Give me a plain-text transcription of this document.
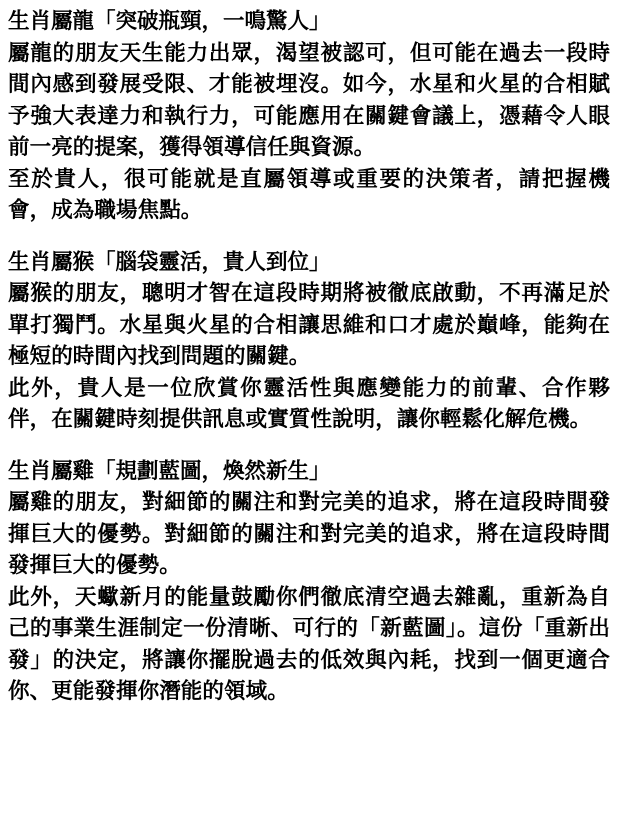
生肖屬龍「突破瓶頸，一鳴驚人」
屬龍的朋友天生能力出眾，渴望被認可，但可能在過去一段時間內感到發展受限、才能被埋沒。如今，水星和火星的合相賦予強大表達力和執行力，可能應用在關鍵會議上，憑藉令人眼前一亮的提案，獲得領導信任與資源。
至於貴人，很可能就是直屬領導或重要的決策者，請把握機會，成為職場焦點。
生肖屬猴「腦袋靈活，貴人到位」
屬猴的朋友，聰明才智在這段時期將被徹底啟動，不再滿足於單打獨鬥。水星與火星的合相讓思維和口才處於巔峰，能夠在極短的時間內找到問題的關鍵。
此外，貴人是一位欣賞你靈活性與應變能力的前輩、合作夥伴，在關鍵時刻提供訊息或實質性說明，讓你輕鬆化解危機。
生肖屬雞「規劃藍圖，煥然新生」
屬雞的朋友，對細節的關注和對完美的追求，將在這段時間發揮巨大的優勢。對細節的關注和對完美的追求，將在這段時間發揮巨大的優勢。
此外，天蠍新月的能量鼓勵你們徹底清空過去雜亂，重新為自己的事業生涯制定一份清晰、可行的「新藍圖」。這份「重新出發」的決定，將讓你擺脫過去的低效與內耗，找到一個更適合你、更能發揮你潛能的領域。
